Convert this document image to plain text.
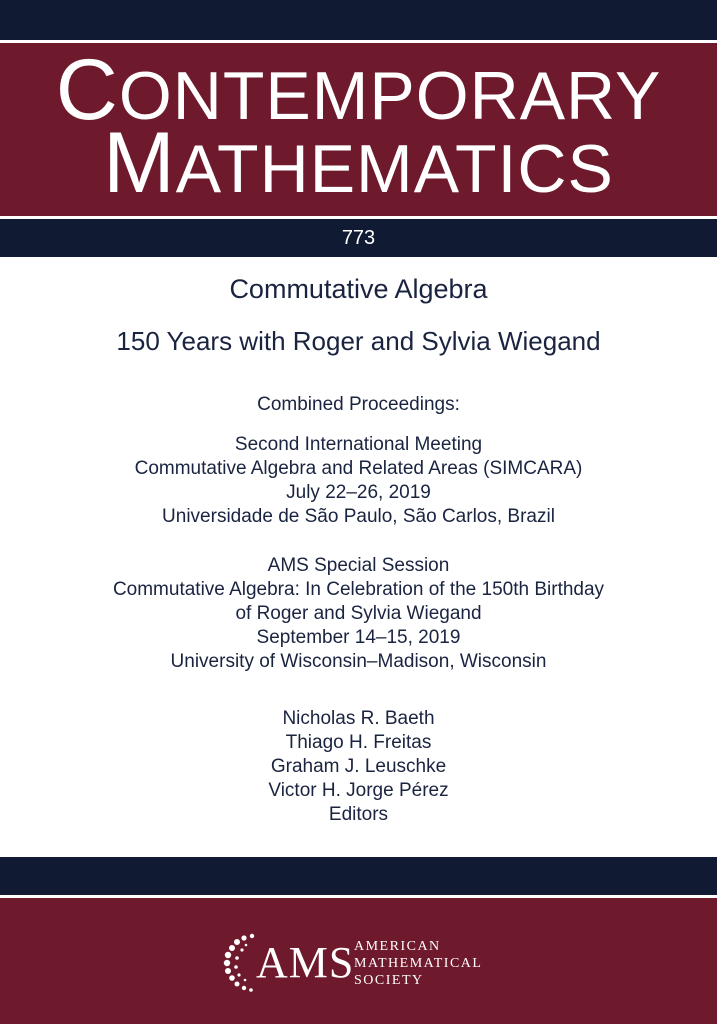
CONTEMPORARY
MATHEMATICS
773
Commutative Algebra
150 Years with Roger and Sylvia Wiegand
Combined Proceedings:
Second International Meeting
Commutative Algebra and Related Areas (SIMCARA)
July 22–26, 2019
Universidade de São Paulo, São Carlos, Brazil
AMS Special Session
Commutative Algebra: In Celebration of the 150th Birthday
of Roger and Sylvia Wiegand
September 14–15, 2019
University of Wisconsin–Madison, Wisconsin
Nicholas R. Baeth
Thiago H. Freitas
Graham J. Leuschke
Victor H. Jorge Pérez
Editors
AMS AMERICAN
MATHEMATICAL
SOCIETY
